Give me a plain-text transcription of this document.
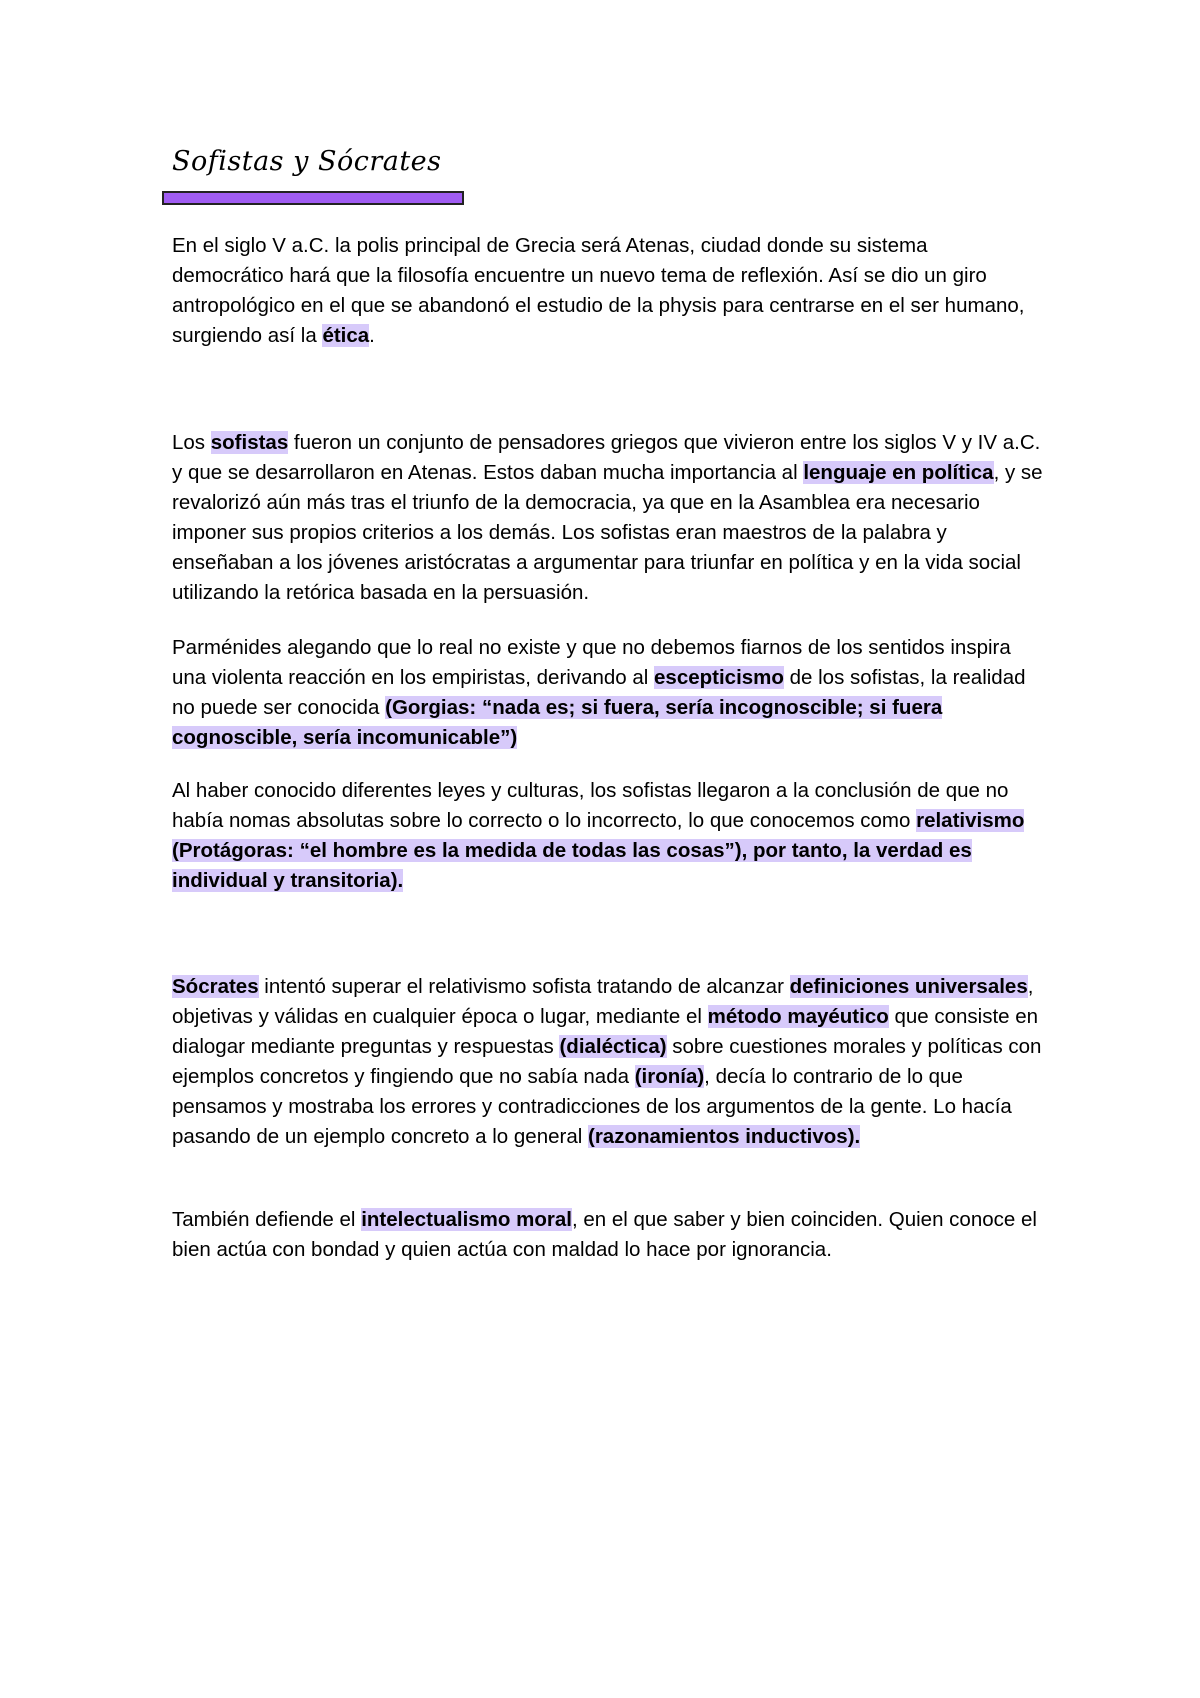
Sofistas y Sócrates

En el siglo V a.C. la polis principal de Grecia será Atenas, ciudad donde su sistema democrático hará que la filosofía encuentre un nuevo tema de reflexión. Así se dio un giro antropológico en el que se abandonó el estudio de la physis para centrarse en el ser humano, surgiendo así la ética.

Los sofistas fueron un conjunto de pensadores griegos que vivieron entre los siglos V y IV a.C. y que se desarrollaron en Atenas. Estos daban mucha importancia al lenguaje en política, y se revalorizó aún más tras el triunfo de la democracia, ya que en la Asamblea era necesario imponer sus propios criterios a los demás. Los sofistas eran maestros de la palabra y enseñaban a los jóvenes aristócratas a argumentar para triunfar en política y en la vida social utilizando la retórica basada en la persuasión.

Parménides alegando que lo real no existe y que no debemos fiarnos de los sentidos inspira una violenta reacción en los empiristas, derivando al escepticismo de los sofistas, la realidad no puede ser conocida (Gorgias: “nada es; si fuera, sería incognoscible; si fuera cognoscible, sería incomunicable”)

Al haber conocido diferentes leyes y culturas, los sofistas llegaron a la conclusión de que no había nomas absolutas sobre lo correcto o lo incorrecto, lo que conocemos como relativismo (Protágoras: “el hombre es la medida de todas las cosas”), por tanto, la verdad es individual y transitoria).

Sócrates intentó superar el relativismo sofista tratando de alcanzar definiciones universales, objetivas y válidas en cualquier época o lugar, mediante el método mayéutico que consiste en dialogar mediante preguntas y respuestas (dialéctica) sobre cuestiones morales y políticas con ejemplos concretos y fingiendo que no sabía nada (ironía), decía lo contrario de lo que pensamos y mostraba los errores y contradicciones de los argumentos de la gente. Lo hacía pasando de un ejemplo concreto a lo general (razonamientos inductivos).

También defiende el intelectualismo moral, en el que saber y bien coinciden. Quien conoce el bien actúa con bondad y quien actúa con maldad lo hace por ignorancia.
